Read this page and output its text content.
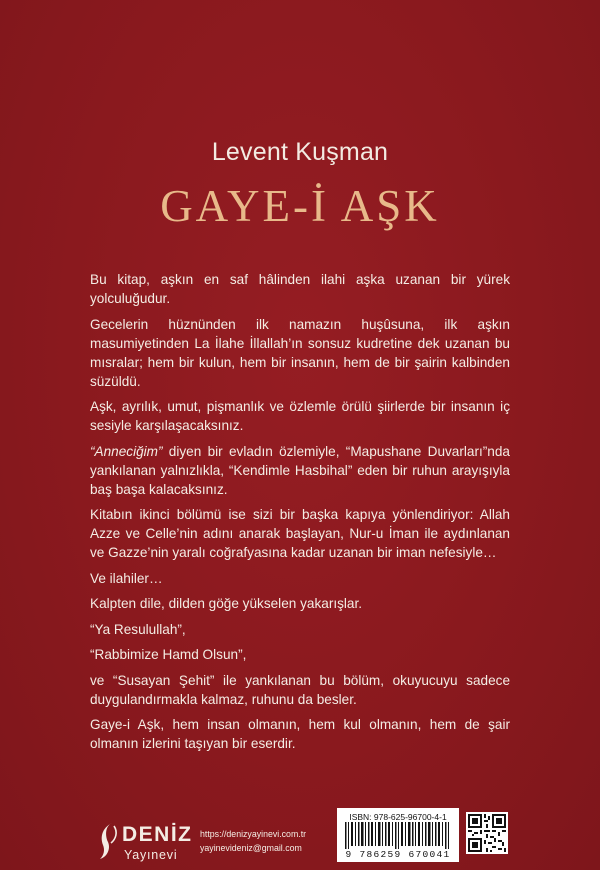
Levent Kuşman
GAYE-İ AŞK

Bu kitap, aşkın en saf hâlinden ilahi aşka uzanan bir yürek yolculuğudur.

Gecelerin hüznünden ilk namazın huşûsuna, ilk aşkın masumiyetinden La İlahe İllallah’ın sonsuz kudretine dek uzanan bu mısralar; hem bir kulun, hem bir insanın, hem de bir şairin kalbinden süzüldü.

Aşk, ayrılık, umut, pişmanlık ve özlemle örülü şiirlerde bir insanın iç sesiyle karşılaşacaksınız.

“Anneciğim” diyen bir evladın özlemiyle, “Mapushane Duvarları”nda yankılanan yalnızlıkla, “Kendimle Hasbihal” eden bir ruhun arayışıyla baş başa kalacaksınız.

Kitabın ikinci bölümü ise sizi bir başka kapıya yönlendiriyor: Allah Azze ve Celle’nin adını anarak başlayan, Nur-u İman ile aydınlanan ve Gazze’nin yaralı coğrafyasına kadar uzanan bir iman nefesiyle…

Ve ilahiler…

Kalpten dile, dilden göğe yükselen yakarışlar.

“Ya Resulullah”,

“Rabbimize Hamd Olsun”,

ve “Susayan Şehit” ile yankılanan bu bölüm, okuyucuyu sadece duygulandırmakla kalmaz, ruhunu da besler.

Gaye-i Aşk, hem insan olmanın, hem kul olmanın, hem de şair olmanın izlerini taşıyan bir eserdir.

DENİZ
Yayınevi
https://denizyayinevi.com.tr
yayinevideniz@gmail.com
ISBN: 978-625-96700-4-1
9 786259 670041
